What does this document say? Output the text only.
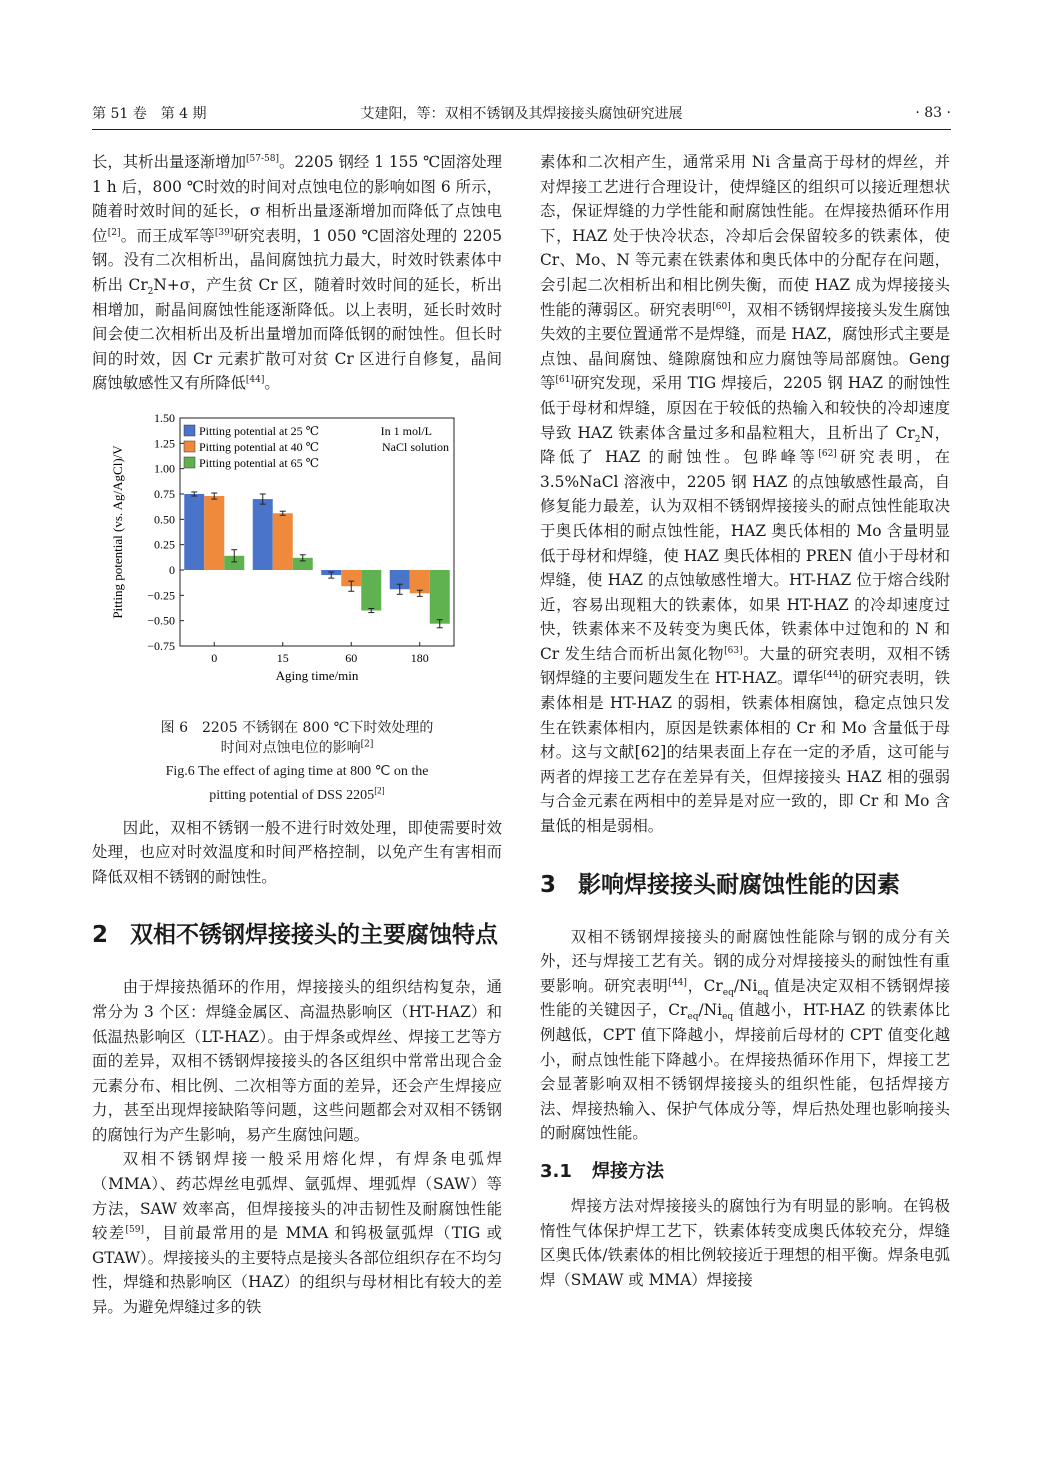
第 51 卷　第 4 期	艾建阳，等：双相不锈钢及其焊接接头腐蚀研究进展	· 83 ·

长，其析出量逐渐增加[57-58]。2205 钢经 1 155 ℃固溶处理 1 h 后，800 ℃时效的时间对点蚀电位的影响如图 6 所示，随着时效时间的延长，σ 相析出量逐渐增加而降低了点蚀电位[2]。而王成军等[39]研究表明，1 050 ℃固溶处理的 2205 钢。没有二次相析出，晶间腐蚀抗力最大，时效时铁素体中析出 $Cr_2N+\sigma$，产生贫 Cr 区，随着时效时间的延长，析出相增加，耐晶间腐蚀性能逐渐降低。以上表明，延长时效时间会使二次相析出及析出量增加而降低钢的耐蚀性。但长时间的时效，因 Cr 元素扩散可对贫 Cr 区进行自修复，晶间腐蚀敏感性又有所降低[44]。

1.50
1.25
1.00
0.75
0.50
0.25
0
−0.25
−0.50
−0.75
0	15	60	180
Aging time/min
Pitting potential (vs. Ag/AgCl)/V
In 1 mol/L
NaCl solution
Pitting potential at 25 ℃
Pitting potential at 40 ℃
Pitting potential at 65 ℃
图 6　2205 不锈钢在 800 ℃下时效处理的
时间对点蚀电位的影响[2]
Fig.6 The effect of aging time at 800 ℃ on the
pitting potential of DSS 2205[2]

因此，双相不锈钢一般不进行时效处理，即使需要时效处理，也应对时效温度和时间严格控制，以免产生有害相而降低双相不锈钢的耐蚀性。

2 双相不锈钢焊接接头的主要腐蚀特点

由于焊接热循环的作用，焊接接头的组织结构复杂，通常分为 3 个区：焊缝金属区、高温热影响区（HT-HAZ）和低温热影响区（LT-HAZ）。由于焊条或焊丝、焊接工艺等方面的差异，双相不锈钢焊接接头的各区组织中常常出现合金元素分布、相比例、二次相等方面的差异，还会产生焊接应力，甚至出现焊接缺陷等问题，这些问题都会对双相不锈钢的腐蚀行为产生影响，易产生腐蚀问题。

双相不锈钢焊接一般采用熔化焊，有焊条电弧焊（MMA）、药芯焊丝电弧焊、氩弧焊、埋弧焊（SAW）等方法，SAW 效率高，但焊接接头的冲击韧性及耐腐蚀性能较差[59]，目前最常用的是 MMA 和钨极氩弧焊（TIG 或 GTAW）。焊接接头的主要特点是接头各部位组织存在不均匀性，焊缝和热影响区（HAZ）的组织与母材相比有较大的差异。为避免焊缝过多的铁

素体和二次相产生，通常采用 Ni 含量高于母材的焊丝，并对焊接工艺进行合理设计，使焊缝区的组织可以接近理想状态，保证焊缝的力学性能和耐腐蚀性能。在焊接热循环作用下，HAZ 处于快冷状态，冷却后会保留较多的铁素体，使 Cr、Mo、N 等元素在铁素体和奥氏体中的分配存在问题，会引起二次相析出和相比例失衡，而使 HAZ 成为焊接接头性能的薄弱区。研究表明[60]，双相不锈钢焊接接头发生腐蚀失效的主要位置通常不是焊缝，而是 HAZ，腐蚀形式主要是点蚀、晶间腐蚀、缝隙腐蚀和应力腐蚀等局部腐蚀。Geng 等[61]研究发现，采用 TIG 焊接后，2205 钢 HAZ 的耐蚀性低于母材和焊缝，原因在于较低的热输入和较快的冷却速度导致 HAZ 铁素体含量过多和晶粒粗大，且析出了 $Cr_2N$，降低了 HAZ 的耐蚀性。包晔峰等[62]研究表明，在 3.5%NaCl 溶液中，2205 钢 HAZ 的点蚀敏感性最高，自修复能力最差，认为双相不锈钢焊接接头的耐点蚀性能取决于奥氏体相的耐点蚀性能，HAZ 奥氏体相的 Mo 含量明显低于母材和焊缝，使 HAZ 奥氏体相的 PREN 值小于母材和焊缝，使 HAZ 的点蚀敏感性增大。HT-HAZ 位于熔合线附近，容易出现粗大的铁素体，如果 HT-HAZ 的冷却速度过快，铁素体来不及转变为奥氏体，铁素体中过饱和的 N 和 Cr 发生结合而析出氮化物[63]。大量的研究表明，双相不锈钢焊缝的主要问题发生在 HT-HAZ。谭华[44]的研究表明，铁素体相是 HT-HAZ 的弱相，铁素体相腐蚀，稳定点蚀只发生在铁素体相内，原因是铁素体相的 Cr 和 Mo 含量低于母材。这与文献[62]的结果表面上存在一定的矛盾，这可能与两者的焊接工艺存在差异有关，但焊接接头 HAZ 相的强弱与合金元素在两相中的差异是对应一致的，即 Cr 和 Mo 含量低的相是弱相。

3 影响焊接接头耐腐蚀性能的因素

双相不锈钢焊接接头的耐腐蚀性能除与钢的成分有关外，还与焊接工艺有关。钢的成分对焊接接头的耐蚀性有重要影响。研究表明[44]，$Cr_{eq}/Ni_{eq}$ 值是决定双相不锈钢焊接性能的关键因子，$Cr_{eq}/Ni_{eq}$ 值越小，HT-HAZ 的铁素体比例越低，CPT 值下降越小，焊接前后母材的 CPT 值变化越小，耐点蚀性能下降越小。在焊接热循环作用下，焊接工艺会显著影响双相不锈钢焊接接头的组织性能，包括焊接方法、焊接热输入、保护气体成分等，焊后热处理也影响接头的耐腐蚀性能。

3.1 焊接方法

焊接方法对焊接接头的腐蚀行为有明显的影响。在钨极惰性气体保护焊工艺下，铁素体转变成奥氏体较充分，焊缝区奥氏体/铁素体的相比例较接近于理想的相平衡。焊条电弧焊（SMAW 或 MMA）焊接接
